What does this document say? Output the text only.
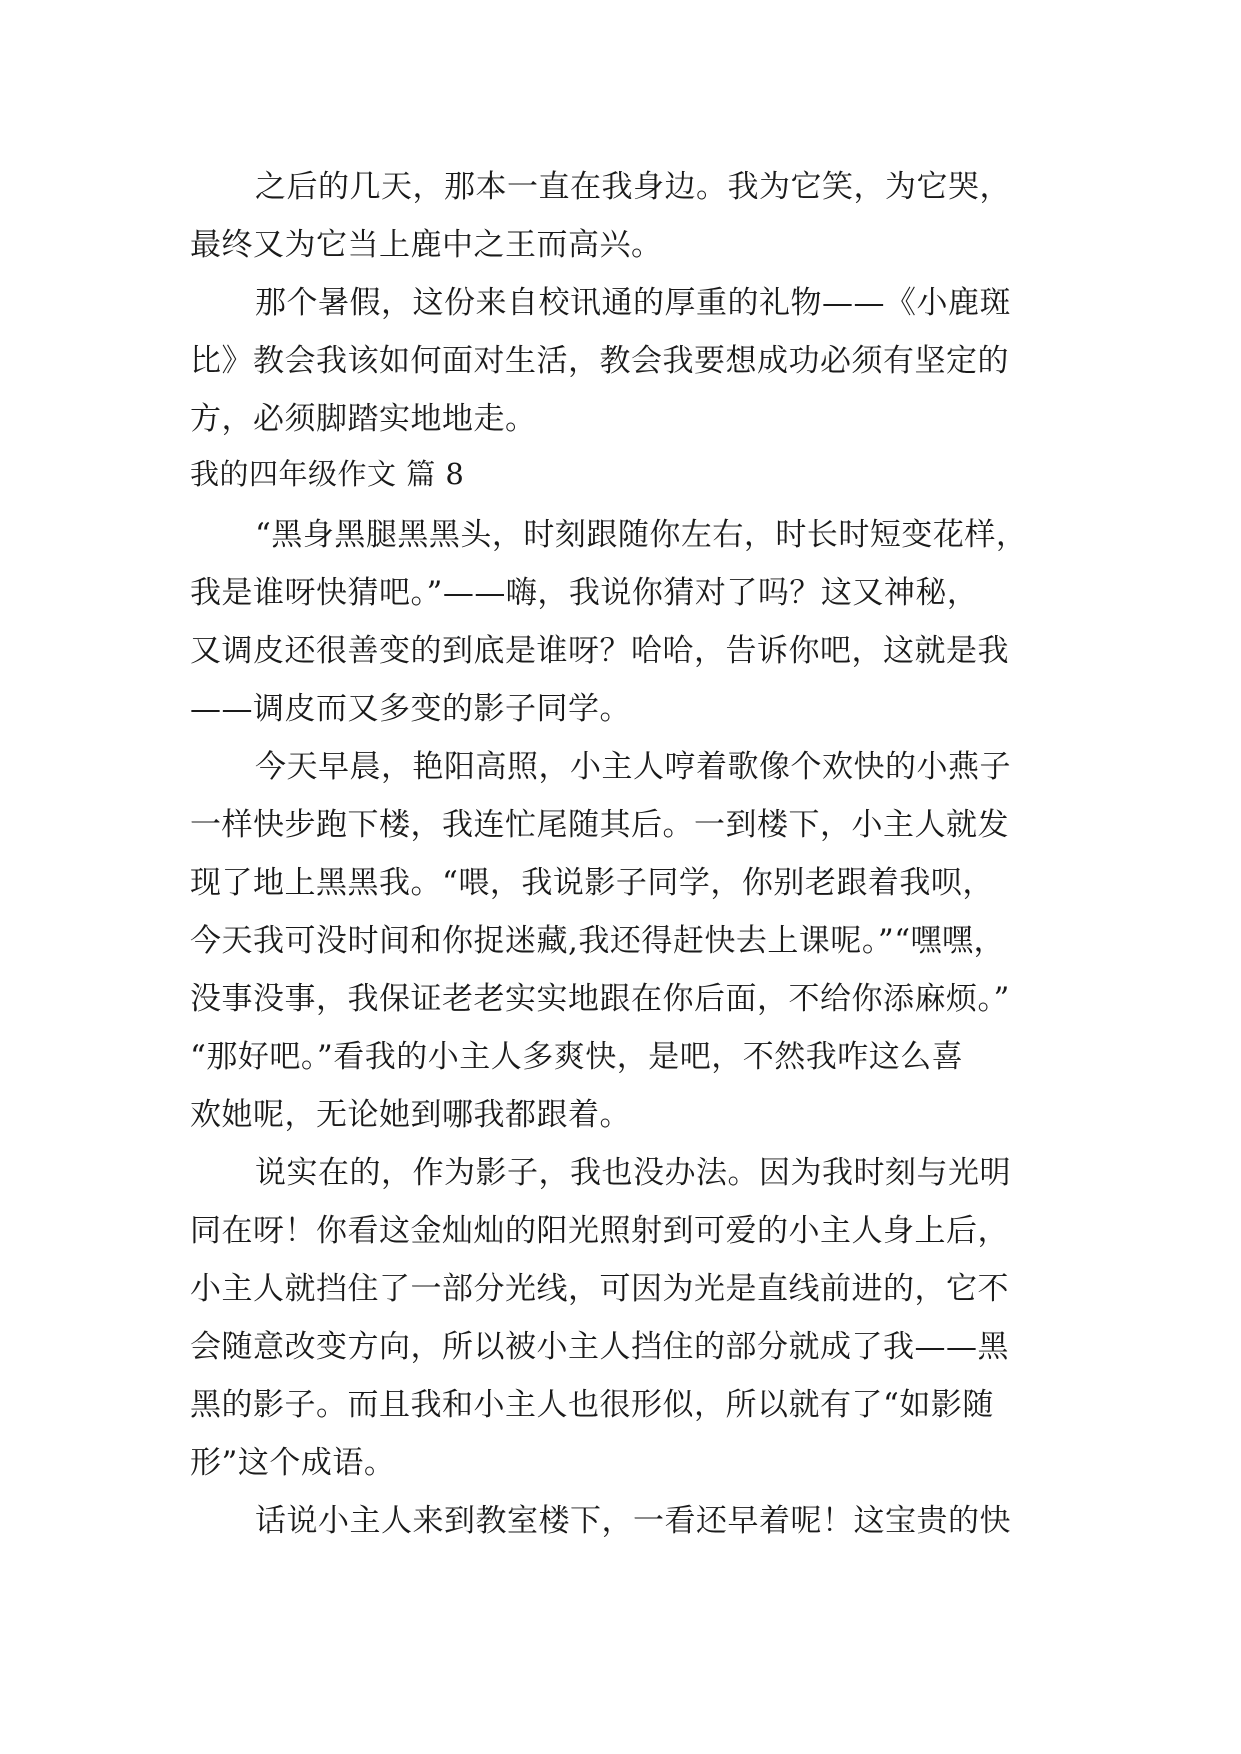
之后的几天，那本一直在我身边。我为它笑，为它哭，
最终又为它当上鹿中之王而高兴。
那个暑假，这份来自校讯通的厚重的礼物——《小鹿斑
比》教会我该如何面对生活，教会我要想成功必须有坚定的
方，必须脚踏实地地走。
我的四年级作文 篇 8
“黑身黑腿黑黑头，时刻跟随你左右，时长时短变花样，
我是谁呀快猜吧。”——嗨，我说你猜对了吗？这又神秘，
又调皮还很善变的到底是谁呀？哈哈，告诉你吧，这就是我
——调皮而又多变的影子同学。
今天早晨，艳阳高照，小主人哼着歌像个欢快的小燕子
一样快步跑下楼，我连忙尾随其后。一到楼下，小主人就发
现了地上黑黑我。“喂，我说影子同学，你别老跟着我呗，
今天我可没时间和你捉迷藏,我还得赶快去上课呢。”“嘿嘿，
没事没事，我保证老老实实地跟在你后面，不给你添麻烦。”
“那好吧。”看我的小主人多爽快，是吧，不然我咋这么喜
欢她呢，无论她到哪我都跟着。
说实在的，作为影子，我也没办法。因为我时刻与光明
同在呀！你看这金灿灿的阳光照射到可爱的小主人身上后，
小主人就挡住了一部分光线，可因为光是直线前进的，它不
会随意改变方向，所以被小主人挡住的部分就成了我——黑
黑的影子。而且我和小主人也很形似，所以就有了“如影随
形”这个成语。
话说小主人来到教室楼下，一看还早着呢！这宝贵的快
